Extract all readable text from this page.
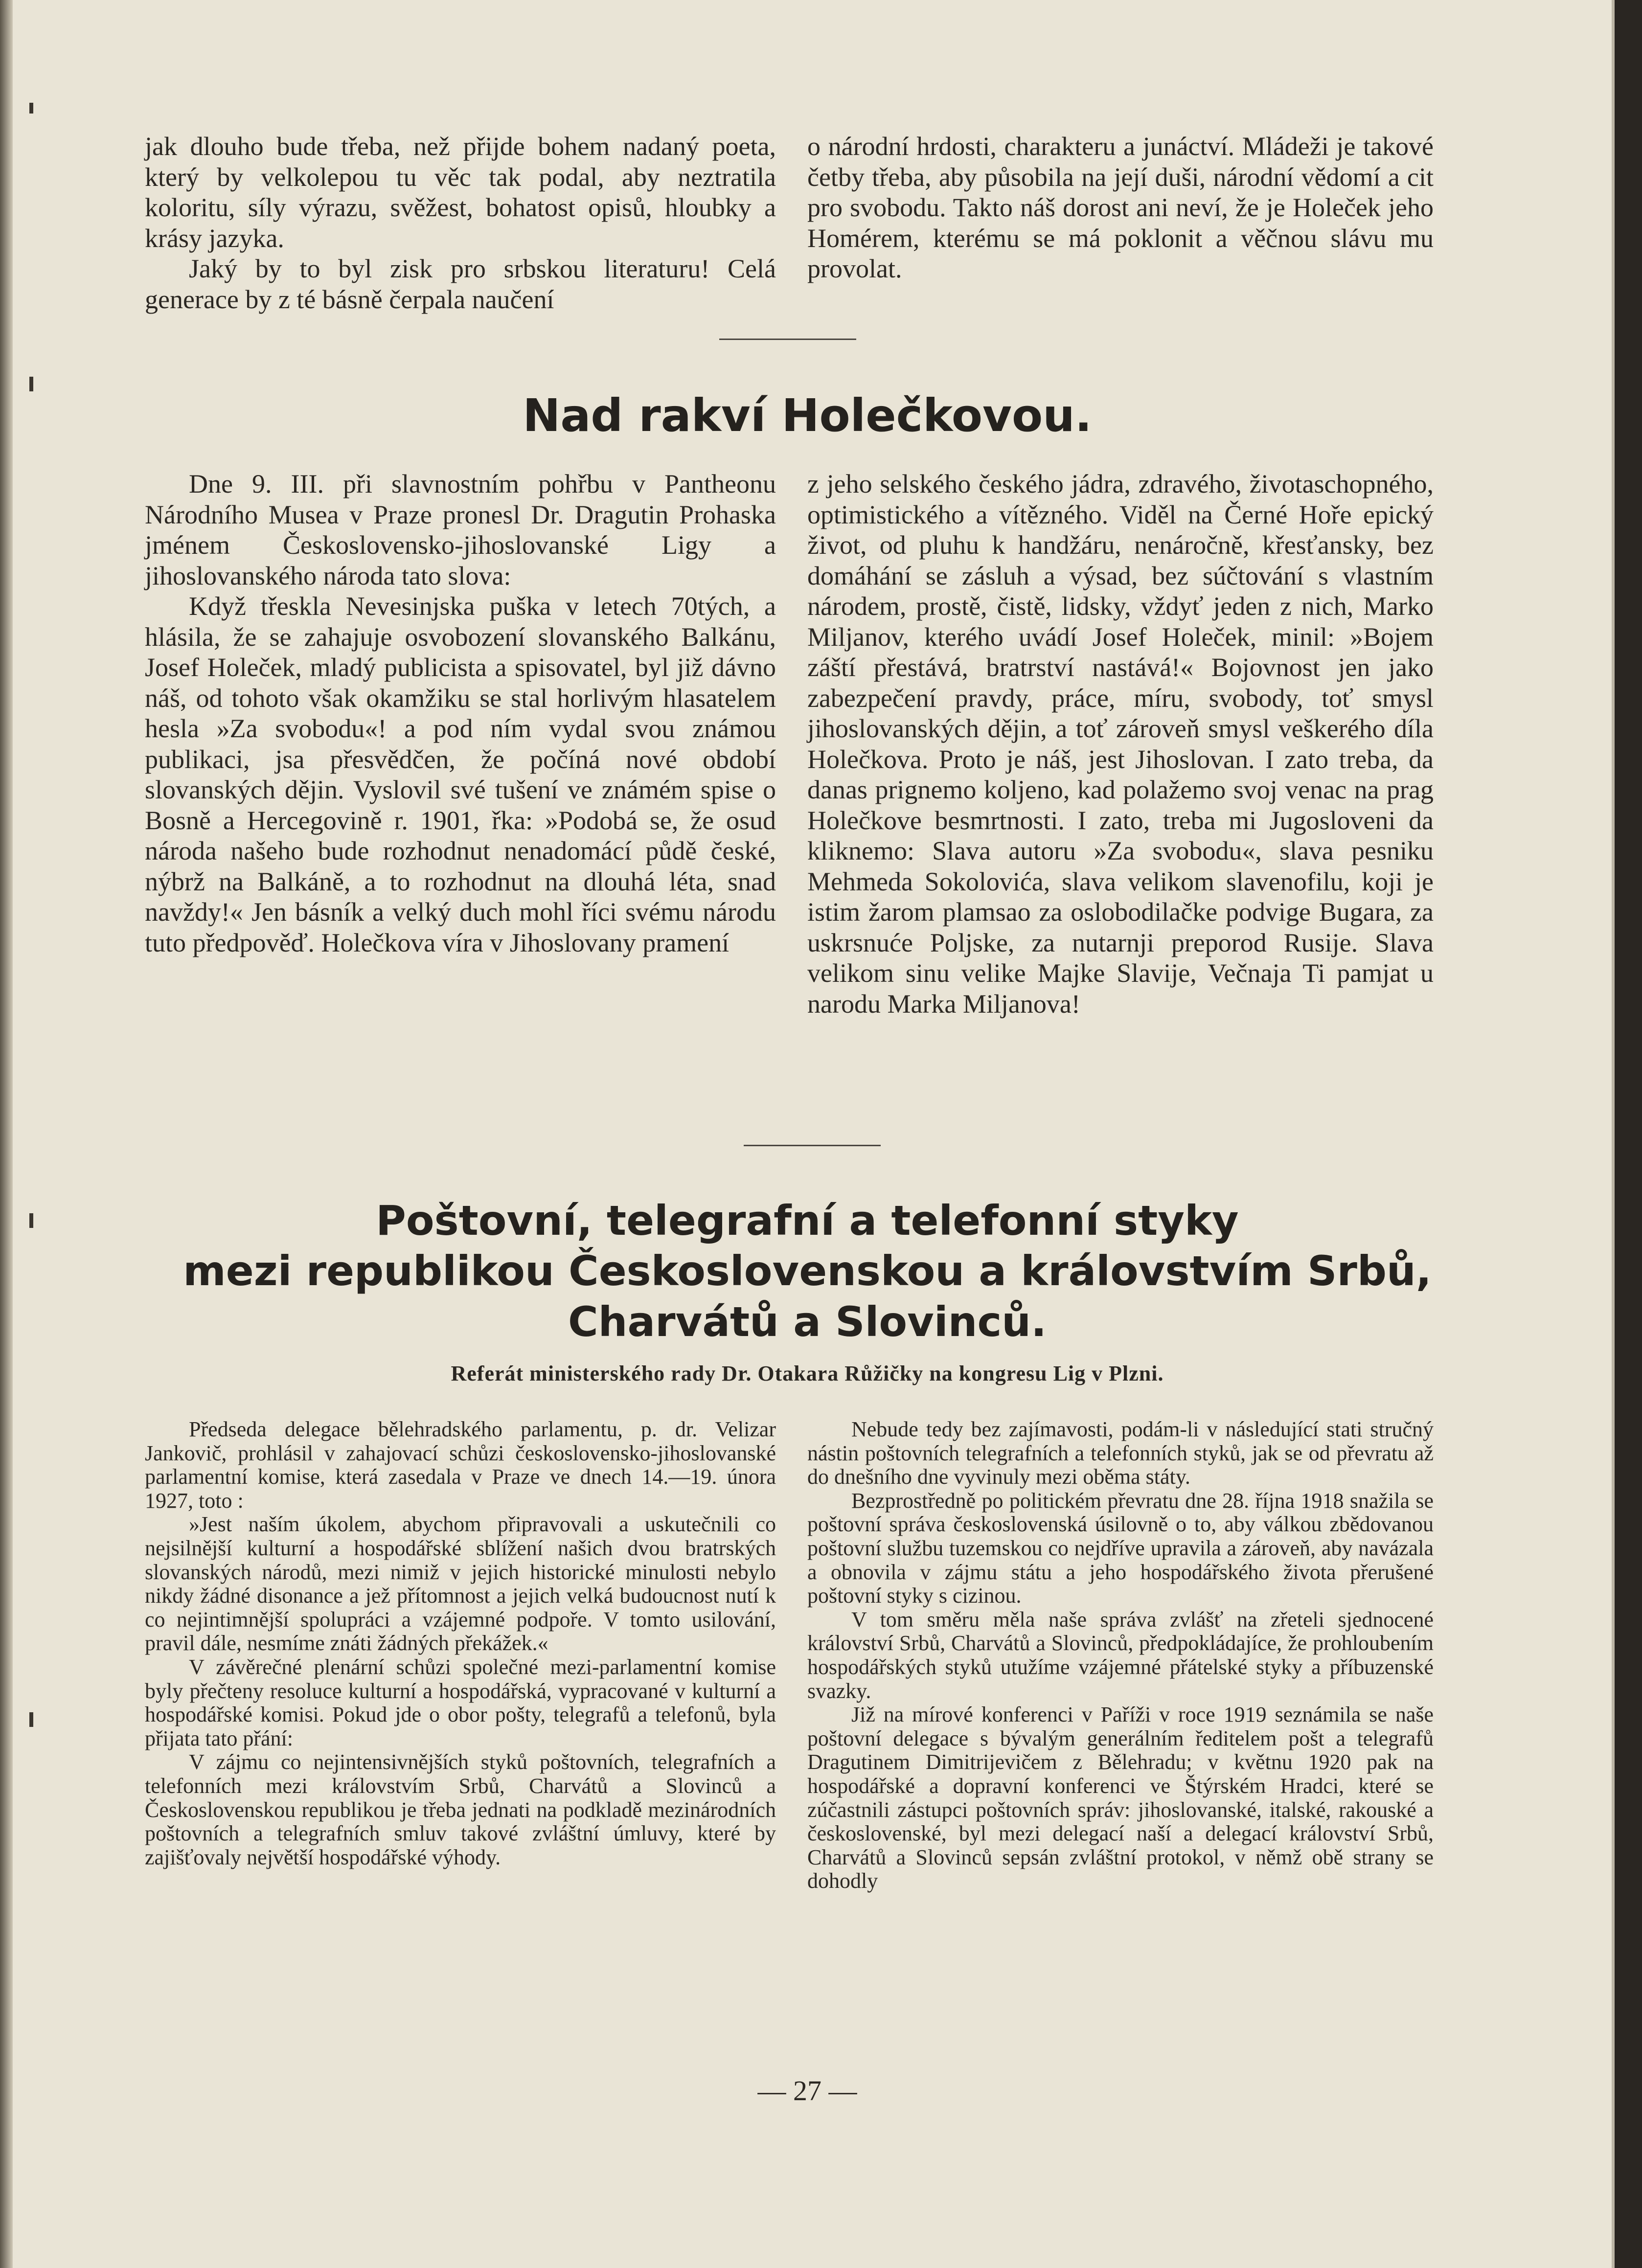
jak dlouho bude třeba, než přijde bohem nadaný poeta, který by velkolepou tu věc tak podal, aby neztratila koloritu, síly výrazu, svěžest, bohatost opisů, hloubky a krásy jazyka.

Jaký by to byl zisk pro srbskou literaturu! Celá generace by z té básně čerpala naučení

o národní hrdosti, charakteru a junáctví. Mládeži je takové četby třeba, aby působila na její duši, národní vědomí a cit pro svobodu. Takto náš dorost ani neví, že je Holeček jeho Homérem, kterému se má poklonit a věčnou slávu mu provolat.

Nad rakví Holečkovou.

Dne 9. III. při slavnostním pohřbu v Pantheonu Národního Musea v Praze pronesl Dr. Dragutin Prohaska jménem Československo-jihoslovanské Ligy a jihoslovanského národa tato slova:

Když třeskla Nevesinjska puška v letech 70tých, a hlásila, že se zahajuje osvobození slovanského Balkánu, Josef Holeček, mladý publicista a spisovatel, byl již dávno náš, od tohoto však okamžiku se stal horlivým hlasatelem hesla »Za svobodu«! a pod ním vydal svou známou publikaci, jsa přesvědčen, že počíná nové období slovanských dějin. Vyslovil své tušení ve známém spise o Bosně a Hercegovině r. 1901, řka: »Podobá se, že osud národa našeho bude rozhodnut nenadomácí půdě české, nýbrž na Balkáně, a to rozhodnut na dlouhá léta, snad navždy!« Jen básník a velký duch mohl říci svému národu tuto předpověď. Holečkova víra v Jihoslovany pramení

z jeho selského českého jádra, zdravého, životaschopného, optimistického a vítězného. Viděl na Černé Hoře epický život, od pluhu k handžáru, nenáročně, křesťansky, bez domáhání se zásluh a výsad, bez súčtování s vlastním národem, prostě, čistě, lidsky, vždyť jeden z nich, Marko Miljanov, kterého uvádí Josef Holeček, minil: »Bojem záští přestává, bratrství nastává!« Bojovnost jen jako zabezpečení pravdy, práce, míru, svobody, toť smysl jihoslovanských dějin, a toť zároveň smysl veškerého díla Holečkova. Proto je náš, jest Jihoslovan. I zato treba, da danas prignemo koljeno, kad polažemo svoj venac na prag Holečkove besmrtnosti. I zato, treba mi Jugosloveni da kliknemo: Slava autoru »Za svobodu«, slava pesniku Mehmeda Sokolovića, slava velikom slavenofilu, koji je istim žarom plamsao za oslobodilačke podvige Bugara, za uskrsnuće Poljske, za nutarnji preporod Rusije. Slava velikom sinu velike Majke Slavije, Večnaja Ti pamjat u narodu Marka Miljanova!

Poštovní, telegrafní a telefonní styky
mezi republikou Československou a královstvím Srbů,
Charvátů a Slovinců.
Referát ministerského rady Dr. Otakara Růžičky na kongresu Lig v Plzni.

Předseda delegace bělehradského parlamentu, p. dr. Velizar Jankovič, prohlásil v zahajovací schůzi československo-jihoslovanské parlamentní komise, která zasedala v Praze ve dnech 14.—19. února 1927, toto :

»Jest naším úkolem, abychom připravovali a uskutečnili co nejsilnější kulturní a hospodářské sblížení našich dvou bratrských slovanských národů, mezi nimiž v jejich historické minulosti nebylo nikdy žádné disonance a jež přítomnost a jejich velká budoucnost nutí k co nejintimnější spolupráci a vzájemné podpoře. V tomto usilování, pravil dále, nesmíme znáti žádných překážek.«

V závěrečné plenární schůzi společné mezi-parlamentní komise byly přečteny resoluce kulturní a hospodářská, vypracované v kulturní a hospodářské komisi. Pokud jde o obor pošty, telegrafů a telefonů, byla přijata tato přání:

V zájmu co nejintensivnějších styků poštovních, telegrafních a telefonních mezi královstvím Srbů, Charvátů a Slovinců a Československou republikou je třeba jednati na podkladě mezinárodních poštovních a telegrafních smluv takové zvláštní úmluvy, které by zajišťovaly největší hospodářské výhody.

Nebude tedy bez zajímavosti, podám-li v následující stati stručný nástin poštovních telegrafních a telefonních styků, jak se od převratu až do dnešního dne vyvinuly mezi oběma státy.

Bezprostředně po politickém převratu dne 28. října 1918 snažila se poštovní správa československá úsilovně o to, aby válkou zbědovanou poštovní službu tuzemskou co nejdříve upravila a zároveň, aby navázala a obnovila v zájmu státu a jeho hospodářského života přerušené poštovní styky s cizinou.

V tom směru měla naše správa zvlášť na zřeteli sjednocené království Srbů, Charvátů a Slovinců, předpokládajíce, že prohloubením hospodářských styků utužíme vzájemné přátelské styky a příbuzenské svazky.

Již na mírové konferenci v Paříži v roce 1919 seznámila se naše poštovní delegace s bývalým generálním ředitelem pošt a telegrafů Dragutinem Dimitrijevičem z Bělehradu; v květnu 1920 pak na hospodářské a dopravní konferenci ve Štýrském Hradci, které se zúčastnili zástupci poštovních správ: jihoslovanské, italské, rakouské a československé, byl mezi delegací naší a delegací království Srbů, Charvátů a Slovinců sepsán zvláštní protokol, v němž obě strany se dohodly

— 27 —
